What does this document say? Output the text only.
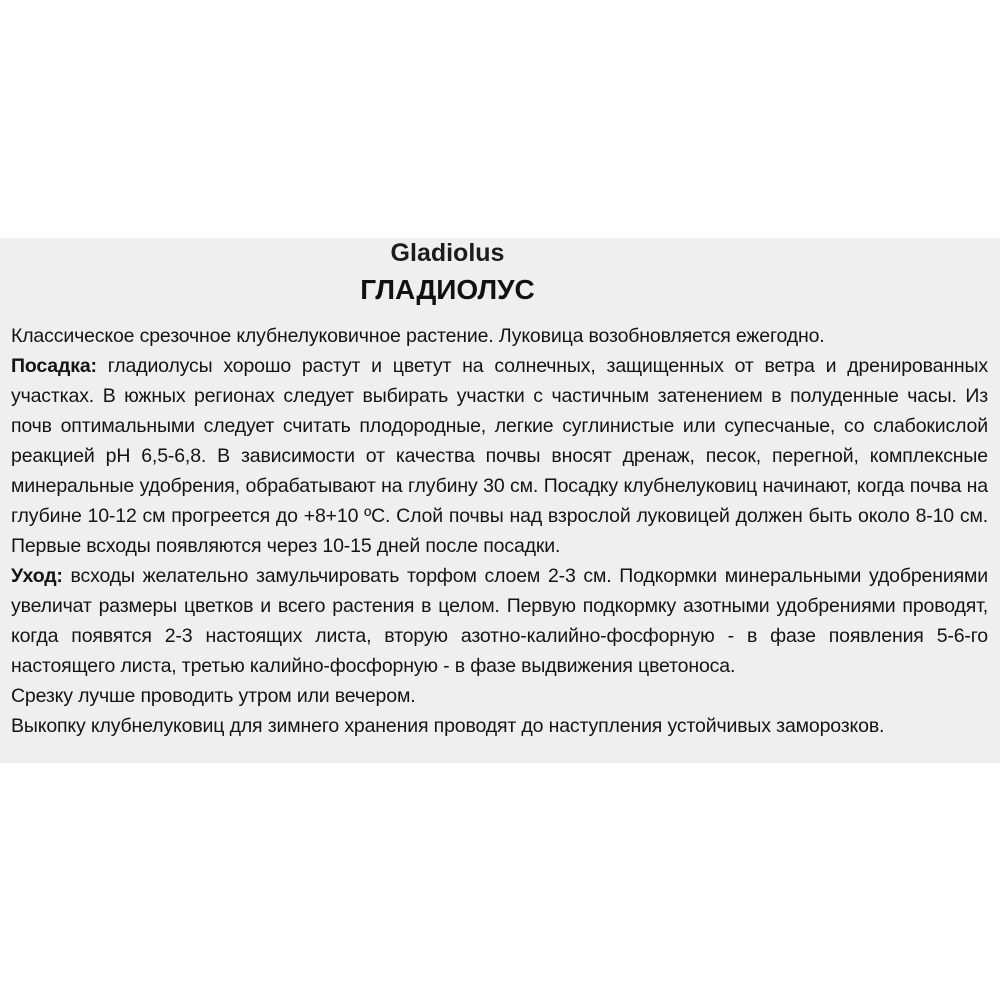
Gladiolus
ГЛАДИОЛУС

Классическое срезочное клубнелуковичное растение. Луковица возобновляется ежегодно.

Посадка: гладиолусы хорошо растут и цветут на солнечных, защищенных от ветра и дренированных участках. В южных регионах следует выбирать участки с частичным затенением в полуденные часы. Из почв оптимальными следует считать плодородные, легкие суглинистые или супесчаные, со слабокислой реакцией pH 6,5-6,8. В зависимости от качества почвы вносят дренаж, песок, перегной, комплексные минеральные удобрения, обрабатывают на глубину 30 см. Посадку клубнелуковиц начинают, когда почва на глубине 10-12 см прогреется до +8+10 ºС. Слой почвы над взрослой луковицей должен быть около 8-10 см. Первые всходы появляются через 10-15 дней после посадки.

Уход: всходы желательно замульчировать торфом слоем 2-3 см. Подкормки минеральными удобрениями увеличат размеры цветков и всего растения в целом. Первую подкормку азотными удобрениями проводят, когда появятся 2-3 настоящих листа, вторую азотно-калийно-фосфорную - в фазе появления 5-6-го настоящего листа, третью калийно-фосфорную - в фазе выдвижения цветоноса.

Срезку лучше проводить утром или вечером.

Выкопку клубнелуковиц для зимнего хранения проводят до наступления устойчивых заморозков.
